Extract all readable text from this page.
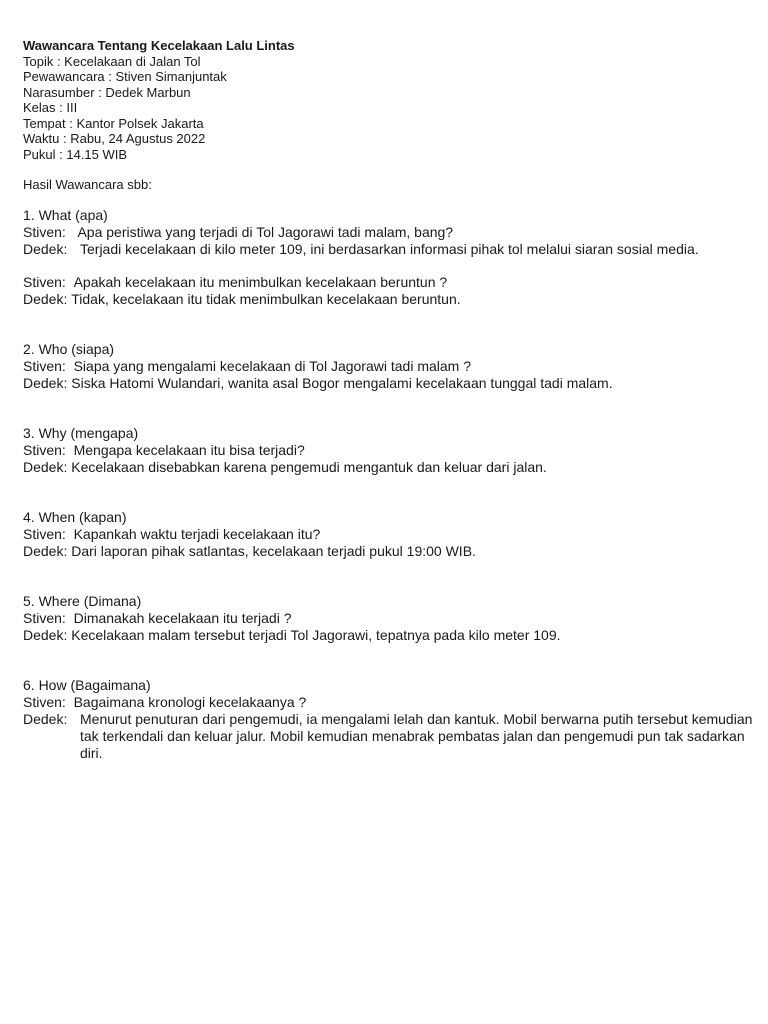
Wawancara Tentang Kecelakaan Lalu Lintas
Topik : Kecelakaan di Jalan Tol
Pewawancara : Stiven Simanjuntak
Narasumber : Dedek Marbun
Kelas : III
Tempat : Kantor Polsek Jakarta
Waktu : Rabu, 24 Agustus 2022
Pukul : 14.15 WIB
Hasil Wawancara sbb:
1. What (apa)
Stiven: Apa peristiwa yang terjadi di Tol Jagorawi tadi malam, bang?
Dedek: Terjadi kecelakaan di kilo meter 109, ini berdasarkan informasi pihak tol melalui siaran sosial media.
Stiven: Apakah kecelakaan itu menimbulkan kecelakaan beruntun ?
Dedek: Tidak, kecelakaan itu tidak menimbulkan kecelakaan beruntun.
2. Who (siapa)
Stiven: Siapa yang mengalami kecelakaan di Tol Jagorawi tadi malam ?
Dedek: Siska Hatomi Wulandari, wanita asal Bogor mengalami kecelakaan tunggal tadi malam.
3. Why (mengapa)
Stiven: Mengapa kecelakaan itu bisa terjadi?
Dedek: Kecelakaan disebabkan karena pengemudi mengantuk dan keluar dari jalan.
4. When (kapan)
Stiven: Kapankah waktu terjadi kecelakaan itu?
Dedek: Dari laporan pihak satlantas, kecelakaan terjadi pukul 19:00 WIB.
5. Where (Dimana)
Stiven: Dimanakah kecelakaan itu terjadi ?
Dedek: Kecelakaan malam tersebut terjadi Tol Jagorawi, tepatnya pada kilo meter 109.
6. How (Bagaimana)
Stiven: Bagaimana kronologi kecelakaanya ?
Dedek: Menurut penuturan dari pengemudi, ia mengalami lelah dan kantuk. Mobil berwarna putih tersebut kemudian tak terkendali dan keluar jalur. Mobil kemudian menabrak pembatas jalan dan pengemudi pun tak sadarkan diri.
